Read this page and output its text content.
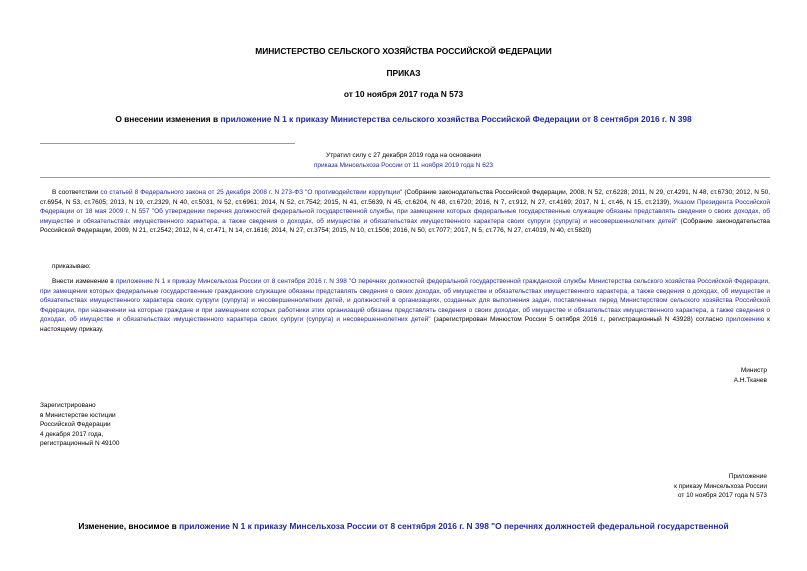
МИНИСТЕРСТВО СЕЛЬСКОГО ХОЗЯЙСТВА РОССИЙСКОЙ ФЕДЕРАЦИИ
ПРИКАЗ
от 10 ноября 2017 года N 573
О внесении изменения в приложение N 1 к приказу Министерства сельского хозяйства Российской Федерации от 8 сентября 2016 г. N 398
Утратил силу с 27 декабря 2019 года на основании
приказа Минсельхоза России от 11 ноября 2019 года N 623
В соответствии со статьей 8 Федерального закона от 25 декабря 2008 г. N 273-ФЗ "О противодействии коррупции" (Собрание законодательства Российской Федерации, 2008, N 52, ст.6228; 2011, N 29, ст.4291, N 48, ст.6730; 2012, N 50, ст.6954, N 53, ст.7605; 2013, N 19, ст.2329, N 40, ст.5031, N 52, ст.6961; 2014, N 52, ст.7542; 2015, N 41, ст.5639, N 45, ст.6204, N 48, ст.6720; 2016, N 7, ст.912, N 27, ст.4169; 2017, N 1, ст.46, N 15, ст.2139), Указом Президента Российской Федерации от 18 мая 2009 г. N 557 "Об утверждении перечня должностей федеральной государственной службы, при замещении которых федеральные государственные служащие обязаны представлять сведения о своих доходах, об имуществе и обязательствах имущественного характера, а также сведения о доходах, об имуществе и обязательствах имущественного характера своих супруги (супруга) и несовершеннолетних детей" (Собрание законодательства Российской Федерации, 2009, N 21, ст.2542; 2012, N 4, ст.471, N 14, ст.1616; 2014, N 27, ст.3754; 2015, N 10, ст.1506; 2016, N 50, ст.7077; 2017, N 5, ст.776, N 27, ст.4019, N 40, ст.5820)
приказываю:
Внести изменение в приложение N 1 к приказу Минсельхоза России от 8 сентября 2016 г. N 398 "О перечнях должностей федеральной государственной гражданской службы Министерства сельского хозяйства Российской Федерации, при замещении которых федеральные государственные гражданские служащие обязаны представлять сведения о своих доходах, об имуществе и обязательствах имущественного характера, а также сведения о доходах, об имуществе и обязательствах имущественного характера своих супруги (супруга) и несовершеннолетних детей, и должностей в организациях, созданных для выполнения задач, поставленных перед Министерством сельского хозяйства Российской Федерации, при назначении на которые граждане и при замещении которых работники этих организаций обязаны представлять сведения о своих доходах, об имуществе и обязательствах имущественного характера, а также сведения о доходах, об имуществе и обязательствах имущественного характера своих супруги (супруга) и несовершеннолетних детей" (зарегистрирован Минюстом России 5 октября 2016 г., регистрационный N 43928) согласно приложению к настоящему приказу.
Министр
А.Н.Ткачев
Зарегистрировано
в Министерстве юстиции
Российской Федерации
4 декабря 2017 года,
регистрационный N 49100
Приложение
к приказу Минсельхоза России
от 10 ноября 2017 года N 573
Изменение, вносимое в приложение N 1 к приказу Минсельхоза России от 8 сентября 2016 г. N 398 "О перечнях должностей федеральной государственной
